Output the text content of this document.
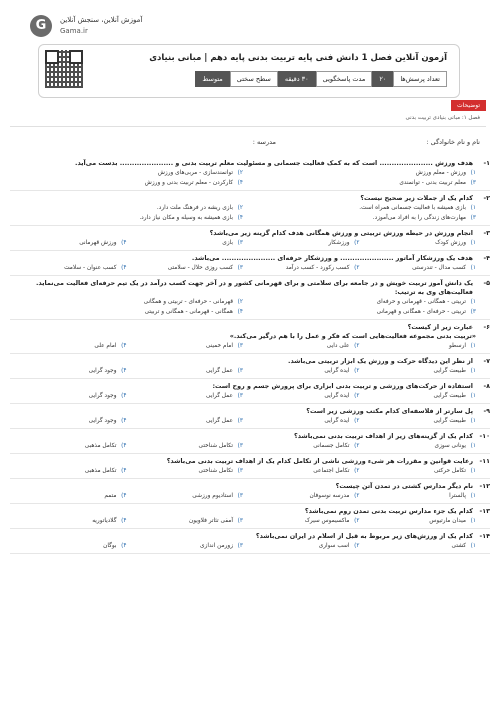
G	آموزش آنلاین، سنجش آنلاین
Gama.ir
آزمون آنلاین فصل 1 دانش فنی پایه تربیت بدنی پایه دهم | مبانی بنیادی
تعداد پرسش‌ها
۲۰
مدت پاسخگویی
۳۰ دقیقه
سطح سختی
متوسط
توضیحات
فصل ۱: مبانی بنیادی تربیت بدنی
نام و نام خانوادگی :
مدرسه :
۱-
هدف ورزش ...................... است که به کمک فعالیت جسمانی و مسئولیت معلم تربیت بدنی و ...................... بدست می‌آید.
۱)
ورزش - معلم ورزش
۲)
توانمندسازی - مربی‌های ورزش
۳)
معلم تربیت بدنی - توانمندی
۴)
کارکردن - معلم تربیت بدنی و ورزش
۲-
کدام یک از جملات زیر صحیح نیست؟
۱)
بازی همیشه با فعالیت جسمانی همراه است.
۲)
بازی ریشه در فرهنگ ملت دارد.
۳)
مهارت‌های زندگی را به افراد می‌آموزد.
۴)
بازی همیشه به وسیله و مکان نیاز دارد.
۳-
انجام ورزش در حیطه ورزش تربیتی و ورزش همگانی هدف کدام گزینه زیر می‌باشد؟
۱)
ورزش کودک
۲)
ورزشکار
۳)
بازی
۴)
ورزش قهرمانی
۴-
هدف یک ورزشکار آماتور ...................... و ورزشکار حرفه‌ای ...................... می‌باشد.
۱)
کسب مدال - تندرستی
۲)
کسب رکورد - کسب درآمد
۳)
کسب روزی حلال - سلامتی
۴)
کسب عنوان - سلامت
۵-
یک دانش آموز تربیت خویش و در جامعه برای سلامتی و برای قهرمانی کشور و در آخر جهت کسب درآمد در یک تیم حرفه‌ای فعالیت می‌نماید. فعالیت‌های وی به ترتیب:
۱)
تربیتی - همگانی - قهرمانی و حرفه‌ای
۲)
قهرمانی - حرفه‌ای - تربیتی و همگانی
۳)
تربیتی - حرفه‌ای - همگانی و قهرمانی
۴)
همگانی - قهرمانی - همگانی و تربیتی
۶-
عبارت زیر از کیست؟
«تربیت بدنی مجموعه فعالیت‌هایی است که فکر و عمل را با هم درگیر می‌کند.»
۱)
ارسطو
۲)
علی دایی
۳)
امام خمینی
۴)
امام علی
۷-
از نظر این دیدگاه حرکت و ورزش یک ابزار تربیتی می‌باشد.
۱)
طبیعت گرایی
۲)
ایده گرایی
۳)
عمل گرایی
۴)
وجود گرایی
۸-
استفاده از حرکت‌های ورزشی و تربیت بدنی ابزاری برای پرورش جسم و روح است:
۱)
طبیعت گرایی
۲)
ایده گرایی
۳)
عمل گرایی
۴)
وجود گرایی
۹-
پل سارتر از فلاسفه‌ای کدام مکتب ورزشی زیر است؟
۱)
طبیعت گرایی
۲)
ایده گرایی
۳)
عمل گرایی
۴)
وجود گرایی
۱۰-
کدام یک از گزینه‌های زیر از اهداف تربیت بدنی نمی‌باشد؟
۱)
یونانی سوزی
۲)
تکامل جسمانی
۳)
تکامل شناختی
۴)
تکامل مذهبی
۱۱-
رعایت قوانین و مقررات هر شیء ورزشی ناشی از تکامل کدام یک از اهداف تربیت بدنی می‌باشد؟
۱)
تکامل حرکتی
۲)
تکامل اجتماعی
۳)
تکامل شناختی
۴)
تکامل مذهبی
۱۲-
نام دیگر مدارس کشتی در تمدن آتن چیست؟
۱)
پالسترا
۲)
مدرسه نوسوفان
۳)
استادیوم ورزشی
۴)
متمم
۱۳-
کدام یک جزء مدارس تربیت بدنی تمدن روم نمی‌باشد؟
۱)
میدان مارتیوس
۲)
ماکسیموس سیرک
۳)
آمفی تئاتر فلاویون
۴)
گلادیاتوریه
۱۴-
کدام یک از ورزش‌های زیر مربوط به قبل از اسلام در ایران نمی‌باشد؟
۱)
کشتی
۲)
اسب سواری
۳)
زورمن اندازی
۴)
بوگان
